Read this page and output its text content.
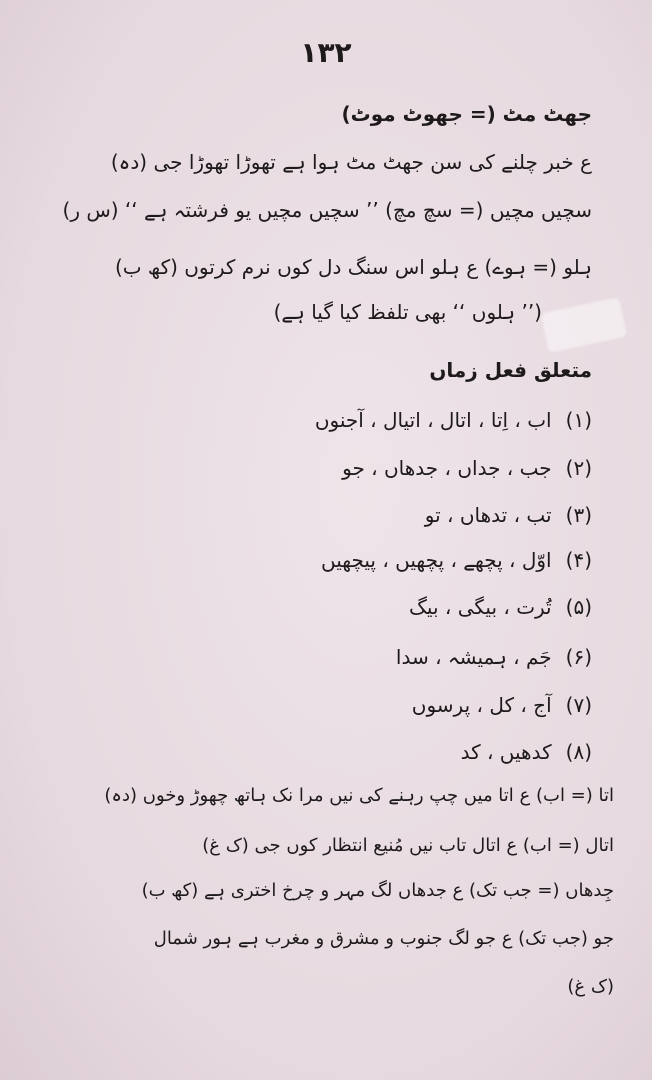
۱۳۲
جھٹ مٹ (= جھوٹ موٹ)
ع خبر چلنے کی سن جھٹ مٹ ہوا ہے تھوڑا تھوڑا جی (دہ)
سچیں مچیں (= سچ مچ) ’’ سچیں مچیں یو فرشتہ ہے ‘‘ (س ر)
ہلو (= ہوے) ع ہلو اس سنگ دل کوں نرم کرتوں (کھ ب)
(’’ ہلوں ‘‘ بھی تلفظ کیا گیا ہے)
متعلق فعل زماں
(۱)اب ، اِتا ، اتال ، اتیال ، آجنوں
(۲)جب ، جداں ، جدھاں ، جو
(۳)تب ، تدھاں ، تو
(۴)اوّل ، پچھے ، پچھیں ، پیچھیں
(۵)تُرت ، بیگی ، بیگ
(۶)جَم ، ہمیشہ ، سدا
(۷)آج ، کل ، پرسوں
(۸)کدھیں ، کد
اتا (= اب) ع اتا میں چپ رہنے کی نیں مرا نک ہاتھ چھوڑ وخوں (دہ)
اتال (= اب) ع اتال تاب نیں مُنیع انتظار کوں جی (ک غ)
جِدھاں (= جب تک) ع جدھاں لگ مہر و چرخ اختری ہے (کھ ب)
جو (جب تک) ع جو لگ جنوب و مشرق و مغرب ہے ہور شمال
(ک غ)
